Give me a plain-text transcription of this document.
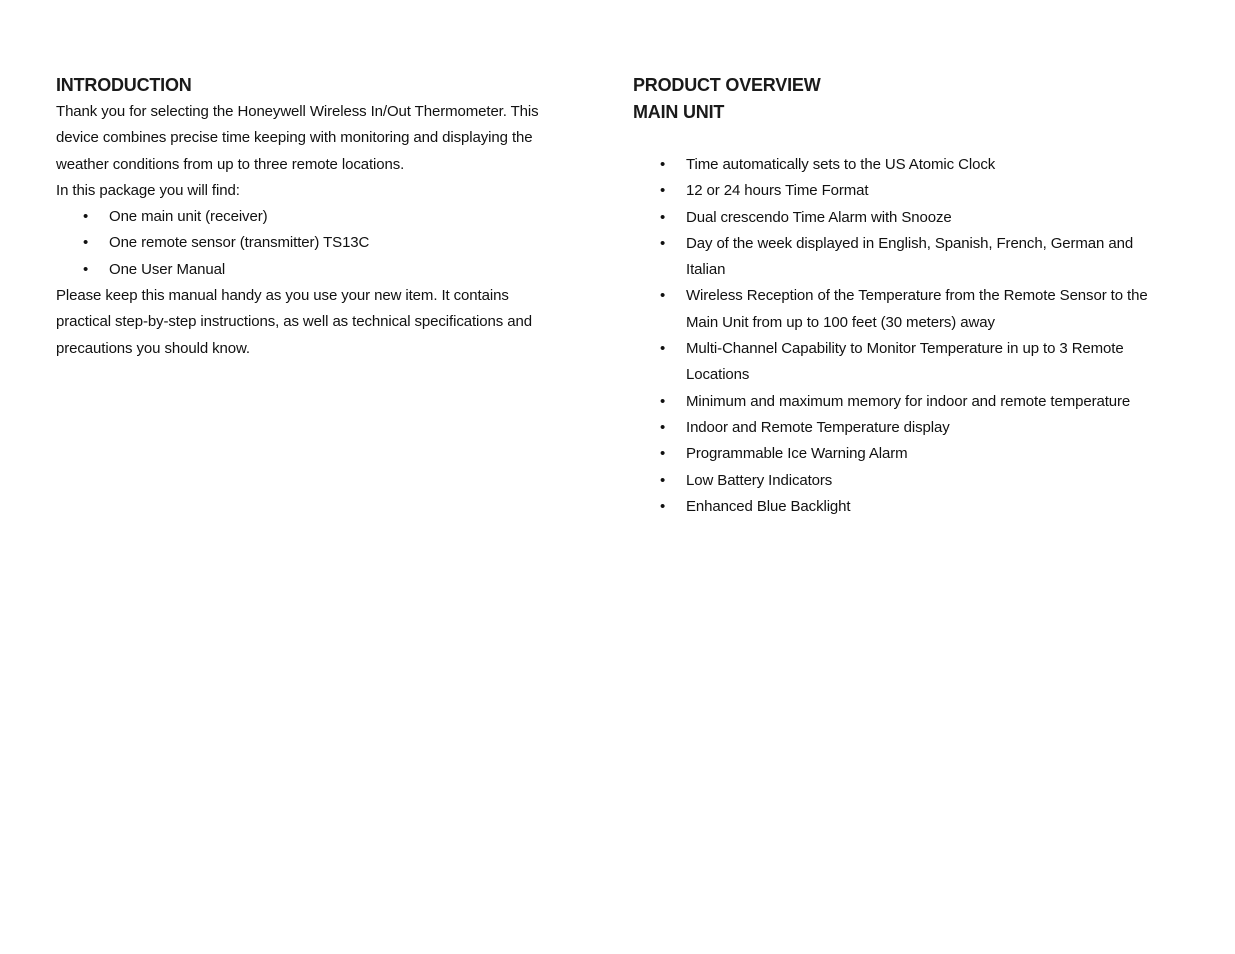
INTRODUCTION

Thank you for selecting the Honeywell Wireless In/Out Thermometer. This device combines precise time keeping with monitoring and displaying the weather conditions from up to three remote locations.

In this package you will find:

• One main unit (receiver)
• One remote sensor (transmitter) TS13C
• One User Manual

Please keep this manual handy as you use your new item. It contains practical step-by-step instructions, as well as technical specifications and precautions you should know.

PRODUCT OVERVIEW
MAIN UNIT
• Time automatically sets to the US Atomic Clock
• 12 or 24 hours Time Format
• Dual crescendo Time Alarm with Snooze
• Day of the week displayed in English, Spanish, French, German and Italian
• Wireless Reception of the Temperature from the Remote Sensor to the Main Unit from up to 100 feet (30 meters) away
• Multi-Channel Capability to Monitor Temperature in up to 3 Remote Locations
• Minimum and maximum memory for indoor and remote temperature
• Indoor and Remote Temperature display
• Programmable Ice Warning Alarm
• Low Battery Indicators
• Enhanced Blue Backlight
